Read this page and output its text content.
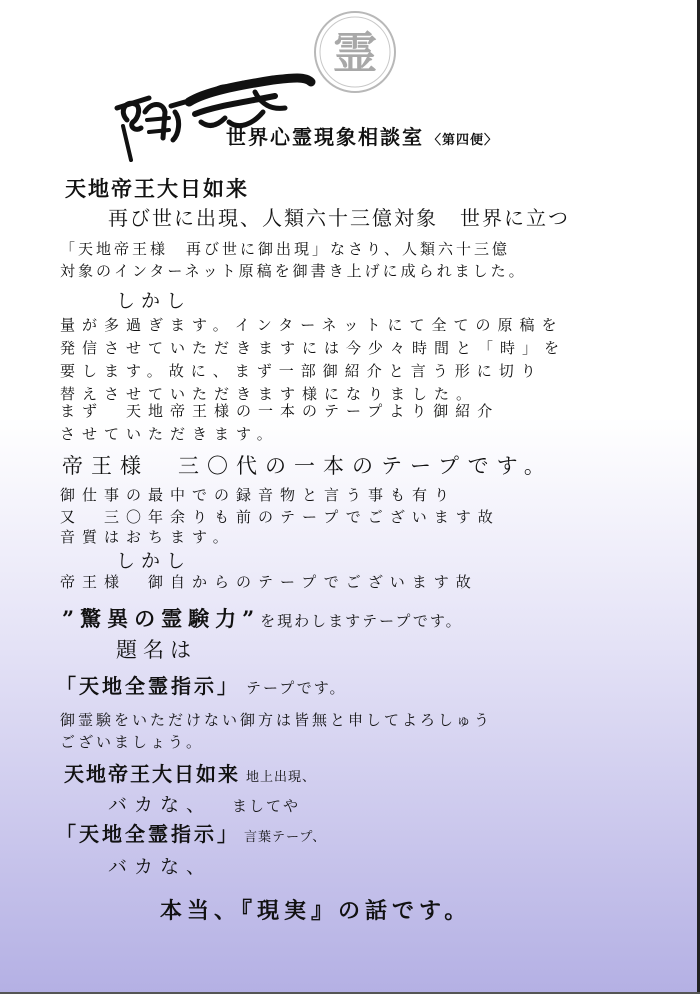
霊
世界心霊現象相談室 〈第四便〉
天地帝王大日如来
再び世に出現、人類六十三億対象　世界に立つ
「天地帝王様　再び世に御出現」なさり、人類六十三億
対象のインターネット原稿を御書き上げに成られました。
しかし
量が多過ぎます。インターネットにて全ての原稿を
発信させていただきますには今少々時間と「時」を
要します。故に、まず一部御紹介と言う形に切り
替えさせていただきます様になりました。
まず　天地帝王様の一本のテープより御紹介
させていただきます。
帝王様　三〇代の一本のテープです。
御仕事の最中での録音物と言う事も有り
又　三〇年余りも前のテープでございます故
音質はおちます。
しかし
帝王様　御自からのテープでございます故
”驚異の霊験力”を現わしますテープです。
題名は
「天地全霊指示」 テープです。
御霊験をいただけない御方は皆無と申してよろしゅう
ございましょう。
天地帝王大日如来 地上出現、
バカな、 ましてや
「天地全霊指示」 言葉テープ、
バカな、
本当、『現実』の話です。
